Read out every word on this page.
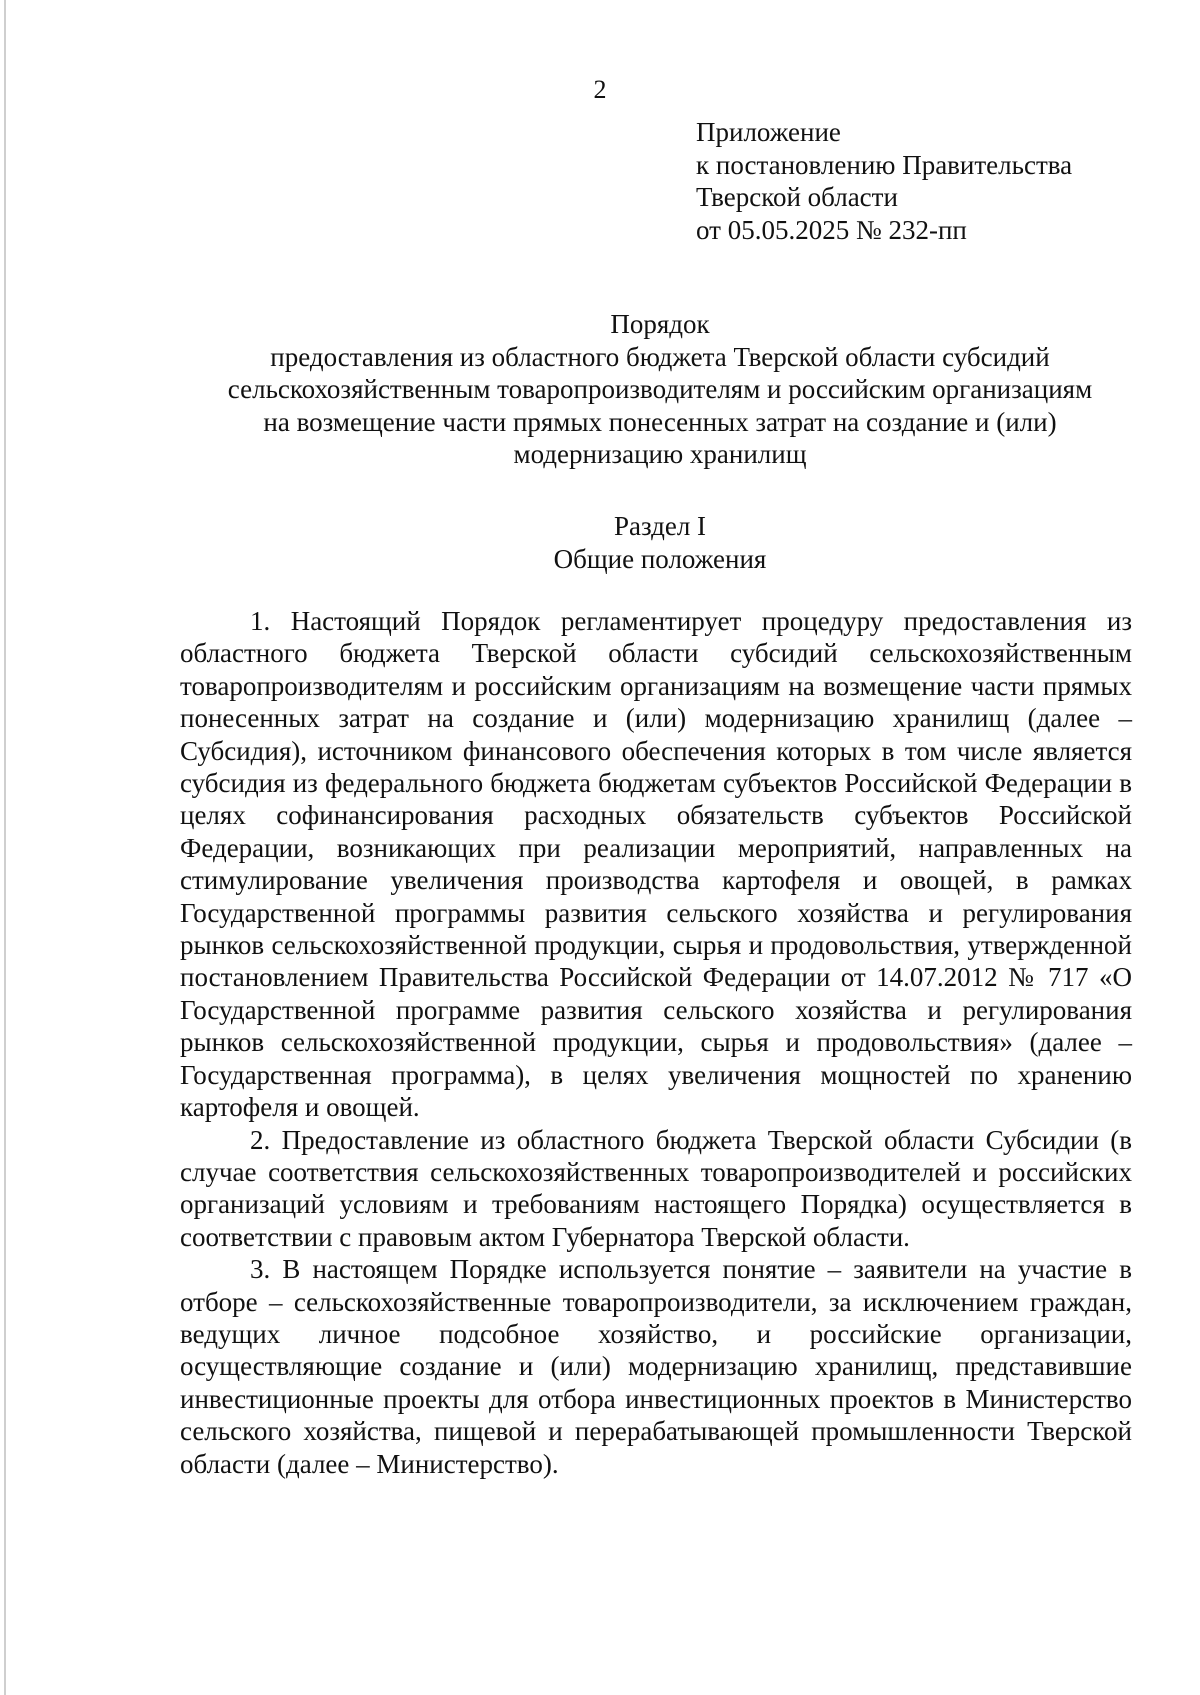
2
Приложение
к постановлению Правительства
Тверской области
от 05.05.2025 № 232-пп
Порядок
предоставления из областного бюджета Тверской области субсидий
сельскохозяйственным товаропроизводителям и российским организациям
на возмещение части прямых понесенных затрат на создание и (или)
модернизацию хранилищ
Раздел I
Общие положения

1. Настоящий Порядок регламентирует процедуру предоставления из областного бюджета Тверской области субсидий сельскохозяйственным товаропроизводителям и российским организациям на возмещение части прямых понесенных затрат на создание и (или) модернизацию хранилищ (далее – Субсидия), источником финансового обеспечения которых в том числе является субсидия из федерального бюджета бюджетам субъектов Российской Федерации в целях софинансирования расходных обязательств субъектов Российской Федерации, возникающих при реализации мероприятий, направленных на стимулирование увеличения производства картофеля и овощей, в рамках Государственной программы развития сельского хозяйства и регулирования рынков сельскохозяйственной продукции, сырья и продовольствия, утвержденной постановлением Правительства Российской Федерации от 14.07.2012 № 717 «О Государственной программе развития сельского хозяйства и регулирования рынков сельскохозяйственной продукции, сырья и продовольствия» (далее – Государственная программа), в целях увеличения мощностей по хранению картофеля и овощей.

2. Предоставление из областного бюджета Тверской области Субсидии (в случае соответствия сельскохозяйственных товаропроизводителей и российских организаций условиям и требованиям настоящего Порядка) осуществляется в соответствии с правовым актом Губернатора Тверской области.

3. В настоящем Порядке используется понятие – заявители на участие в отборе – сельскохозяйственные товаропроизводители, за исключением граждан, ведущих личное подсобное хозяйство, и российские организации, осуществляющие создание и (или) модернизацию хранилищ, представившие инвестиционные проекты для отбора инвестиционных проектов в Министерство сельского хозяйства, пищевой и перерабатывающей промышленности Тверской области (далее – Министерство).
